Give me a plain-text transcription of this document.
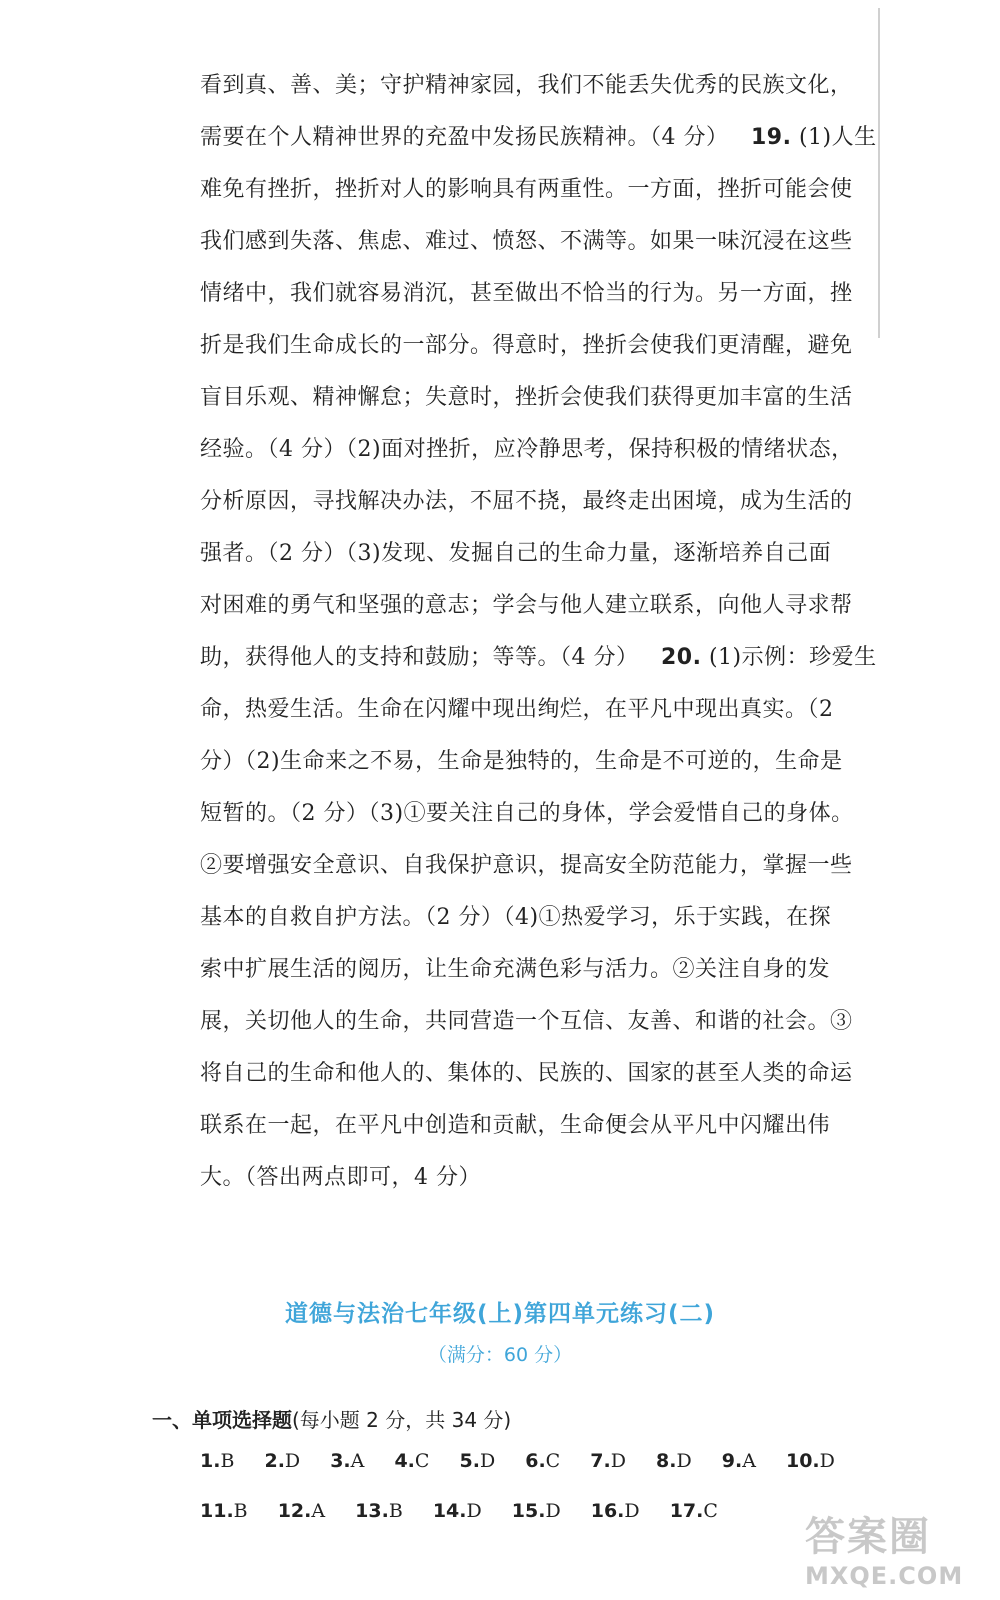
看到真、善、美；守护精神家园，我们不能丢失优秀的民族文化，
需要在个人精神世界的充盈中发扬民族精神。（4 分） 19. (1)人生
难免有挫折，挫折对人的影响具有两重性。一方面，挫折可能会使
我们感到失落、焦虑、难过、愤怒、不满等。如果一味沉浸在这些
情绪中，我们就容易消沉，甚至做出不恰当的行为。另一方面，挫
折是我们生命成长的一部分。得意时，挫折会使我们更清醒，避免
盲目乐观、精神懈怠；失意时，挫折会使我们获得更加丰富的生活
经验。（4 分）（2)面对挫折，应冷静思考，保持积极的情绪状态，
分析原因，寻找解决办法，不屈不挠，最终走出困境，成为生活的
强者。（2 分）（3)发现、发掘自己的生命力量，逐渐培养自己面
对困难的勇气和坚强的意志；学会与他人建立联系，向他人寻求帮
助，获得他人的支持和鼓励；等等。（4 分） 20. (1)示例：珍爱生
命，热爱生活。生命在闪耀中现出绚烂，在平凡中现出真实。（2
分）（2)生命来之不易，生命是独特的，生命是不可逆的，生命是
短暂的。（2 分）（3)①要关注自己的身体，学会爱惜自己的身体。
②要增强安全意识、自我保护意识，提高安全防范能力，掌握一些
基本的自救自护方法。（2 分）（4)①热爱学习，乐于实践，在探
索中扩展生活的阅历，让生命充满色彩与活力。②关注自身的发
展，关切他人的生命，共同营造一个互信、友善、和谐的社会。③
将自己的生命和他人的、集体的、民族的、国家的甚至人类的命运
联系在一起，在平凡中创造和贡献，生命便会从平凡中闪耀出伟
大。（答出两点即可，4 分）
道德与法治七年级(上)第四单元练习(二)
（满分：60 分）
一、单项选择题(每小题 2 分，共 34 分)
1.B 2.D 3.A 4.C 5.D 6.C 7.D 8.D 9.A 10.D
11.B 12.A 13.B 14.D 15.D 16.D 17.C
答案圈
MXQE.COM
